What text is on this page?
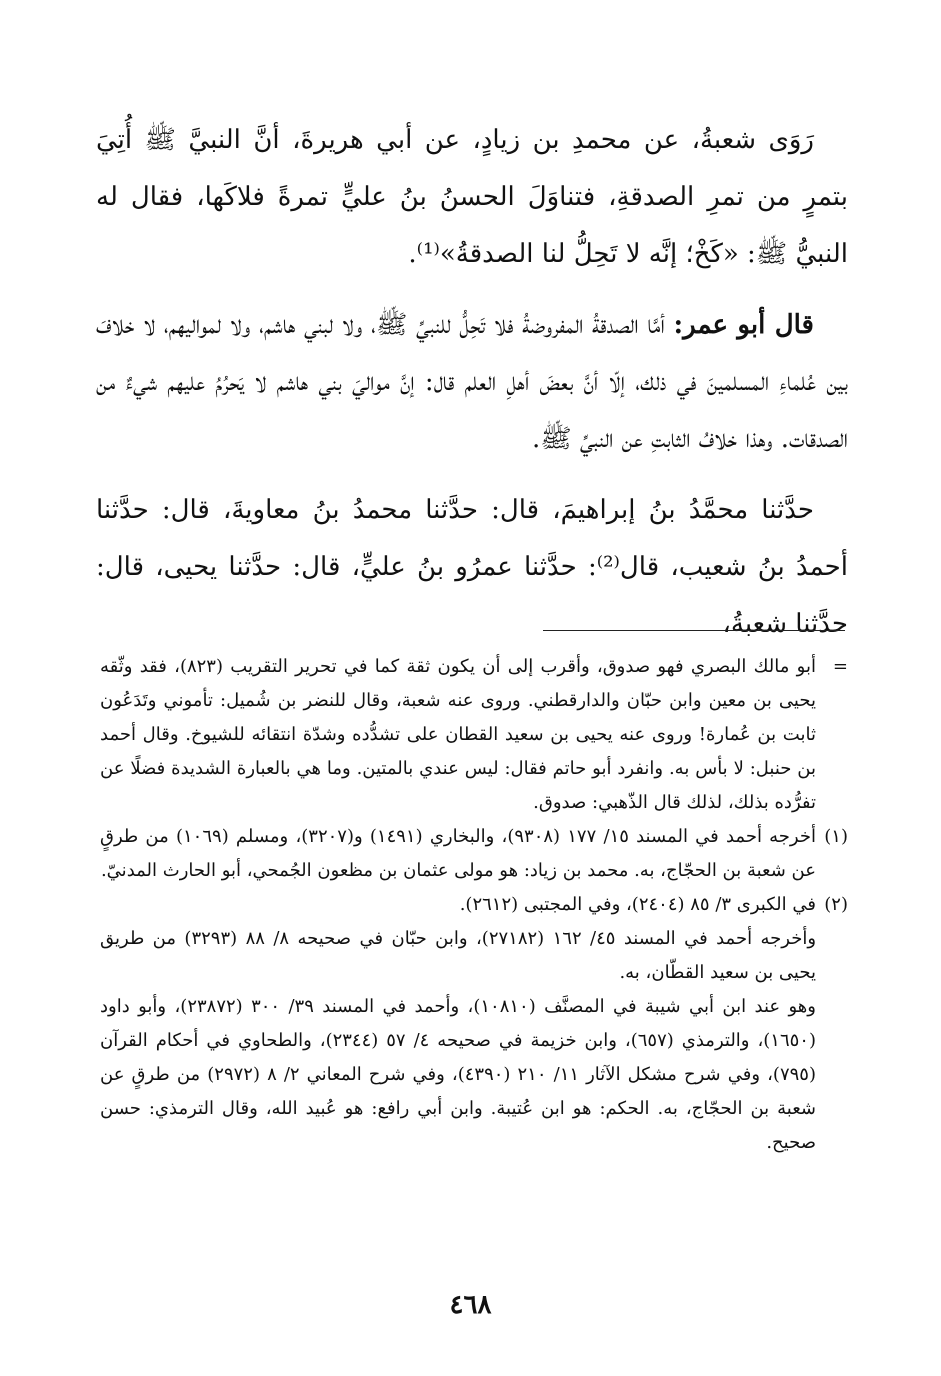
رَوَى شعبةُ، عن محمدِ بن زيادٍ، عن أبي هريرةَ، أنَّ النبيَّ ﷺ أُتِيَ بتمرٍ من تمرِ الصدقةِ، فتناوَلَ الحسنُ بنُ عليٍّ تمرةً فلاكَها، فقال له النبيُّ ﷺ: «كَخْ؛ إنَّه لا تَحِلُّ لنا الصدقةُ»⁽¹⁾.

قال أبو عمر: أمَّا الصدقةُ المفروضةُ فلا تَحِلُّ للنبيِّ ﷺ، ولا لبني هاشم، ولا لمواليهم، لا خلافَ بين عُلماءِ المسلمينَ في ذلك، إلّا أنَّ بعضَ أهلِ العلم قال: إنَّ مواليَ بني هاشم لا يَحرُمُ عليهم شيءٌ من الصدقات. وهذا خلافُ الثابتِ عن النبيِّ ﷺ.

حدَّثنا محمَّدُ بنُ إبراهيمَ، قال: حدَّثنا محمدُ بنُ معاويةَ، قال: حدَّثنا أحمدُ بنُ شعيب، قال⁽²⁾: حدَّثنا عمرُو بنُ عليٍّ، قال: حدَّثنا يحيى، قال: حدَّثنا شعبةُ،

=
أبو مالك البصري فهو صدوق، وأقرب إلى أن يكون ثقة كما في تحرير التقريب (٨٢٣)، فقد وثّقه يحيى بن معين وابن حبّان والدارقطني. وروى عنه شعبة، وقال للنضر بن شُميل: تأموني وتَدَعُون ثابت بن عُمارة! وروى عنه يحيى بن سعيد القطان على تشدُّده وشدّة انتقائه للشيوخ. وقال أحمد بن حنبل: لا بأس به. وانفرد أبو حاتم فقال: ليس عندي بالمتين. وما هي بالعبارة الشديدة فضلًا عن تفرُّده بذلك، لذلك قال الذّهبي: صدوق.
(١)
أخرجه أحمد في المسند ١٥/ ١٧٧ (٩٣٠٨)، والبخاري (١٤٩١) و(٣٢٠٧)، ومسلم (١٠٦٩) من طرقٍ عن شعبة بن الحجّاج، به. محمد بن زياد: هو مولى عثمان بن مظعون الجُمحي، أبو الحارث المدنيّ.
(٢)
في الكبرى ٣/ ٨٥ (٢٤٠٤)، وفي المجتبى (٢٦١٢).
وأخرجه أحمد في المسند ٤٥/ ١٦٢ (٢٧١٨٢)، وابن حبّان في صحيحه ٨/ ٨٨ (٣٢٩٣) من طريق يحيى بن سعيد القطّان، به.
وهو عند ابن أبي شيبة في المصنَّف (١٠٨١٠)، وأحمد في المسند ٣٩/ ٣٠٠ (٢٣٨٧٢)، وأبو داود (١٦٥٠)، والترمذي (٦٥٧)، وابن خزيمة في صحيحه ٤/ ٥٧ (٢٣٤٤)، والطحاوي في أحكام القرآن (٧٩٥)، وفي شرح مشكل الآثار ١١/ ٢١٠ (٤٣٩٠)، وفي شرح المعاني ٢/ ٨ (٢٩٧٢) من طرقٍ عن شعبة بن الحجّاج، به. الحكم: هو ابن عُتيبة. وابن أبي رافع: هو عُبيد الله، وقال الترمذي: حسن صحيح.
٤٦٨
